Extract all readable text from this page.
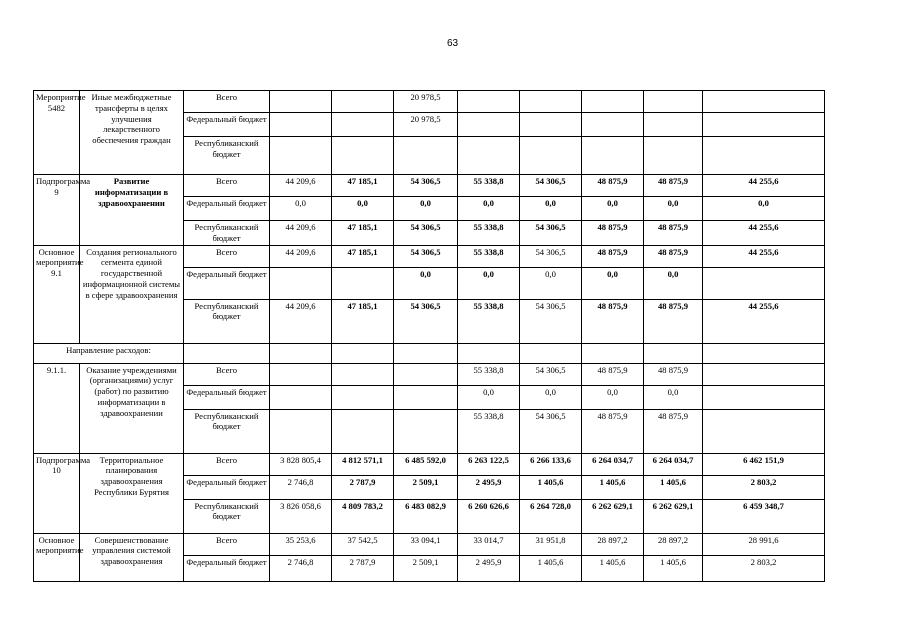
63
Мероприятие 5482	Иные межбюджетные трансферты в целях улучшения лекарственного обеспечения граждан	Всего			20 978,5					
		Федеральный бюджет			20 978,5					
		Республиканский бюджет								
Подпрограмма 9	Развитие информатизации в здравоохранении	Всего	44 209,6	47 185,1	54 306,5	55 338,8	54 306,5	48 875,9	48 875,9	44 255,6
		Федеральный бюджет	0,0	0,0	0,0	0,0	0,0	0,0	0,0	0,0
		Республиканский бюджет	44 209,6	47 185,1	54 306,5	55 338,8	54 306,5	48 875,9	48 875,9	44 255,6
Основное мероприятие 9.1	Создания регионального сегмента единой государственной информационной системы в сфере здравоохранения	Всего	44 209,6	47 185,1	54 306,5	55 338,8	54 306,5	48 875,9	48 875,9	44 255,6
		Федеральный бюджет			0,0	0,0	0,0	0,0	0,0	
		Республиканский бюджет	44 209,6	47 185,1	54 306,5	55 338,8	54 306,5	48 875,9	48 875,9	44 255,6
Направление расходов:										
9.1.1.	Оказание учреждениями (организациями) услуг (работ) по развитию информатизации в здравоохранении	Всего				55 338,8	54 306,5	48 875,9	48 875,9	
		Федеральный бюджет				0,0	0,0	0,0	0,0	
		Республиканский бюджет				55 338,8	54 306,5	48 875,9	48 875,9	
Подпрограмма 10	Территориальное планирования здравоохранения Республики Бурятия	Всего	3 828 805,4	4 812 571,1	6 485 592,0	6 263 122,5	6 266 133,6	6 264 034,7	6 264 034,7	6 462 151,9
		Федеральный бюджет	2 746,8	2 787,9	2 509,1	2 495,9	1 405,6	1 405,6	1 405,6	2 803,2
		Республиканский бюджет	3 826 058,6	4 809 783,2	6 483 082,9	6 260 626,6	6 264 728,0	6 262 629,1	6 262 629,1	6 459 348,7
Основное мероприятие	Совершенствование управления системой здравоохранения	Всего	35 253,6	37 542,5	33 094,1	33 014,7	31 951,8	28 897,2	28 897,2	28 991,6
		Федеральный бюджет	2 746,8	2 787,9	2 509,1	2 495,9	1 405,6	1 405,6	1 405,6	2 803,2
